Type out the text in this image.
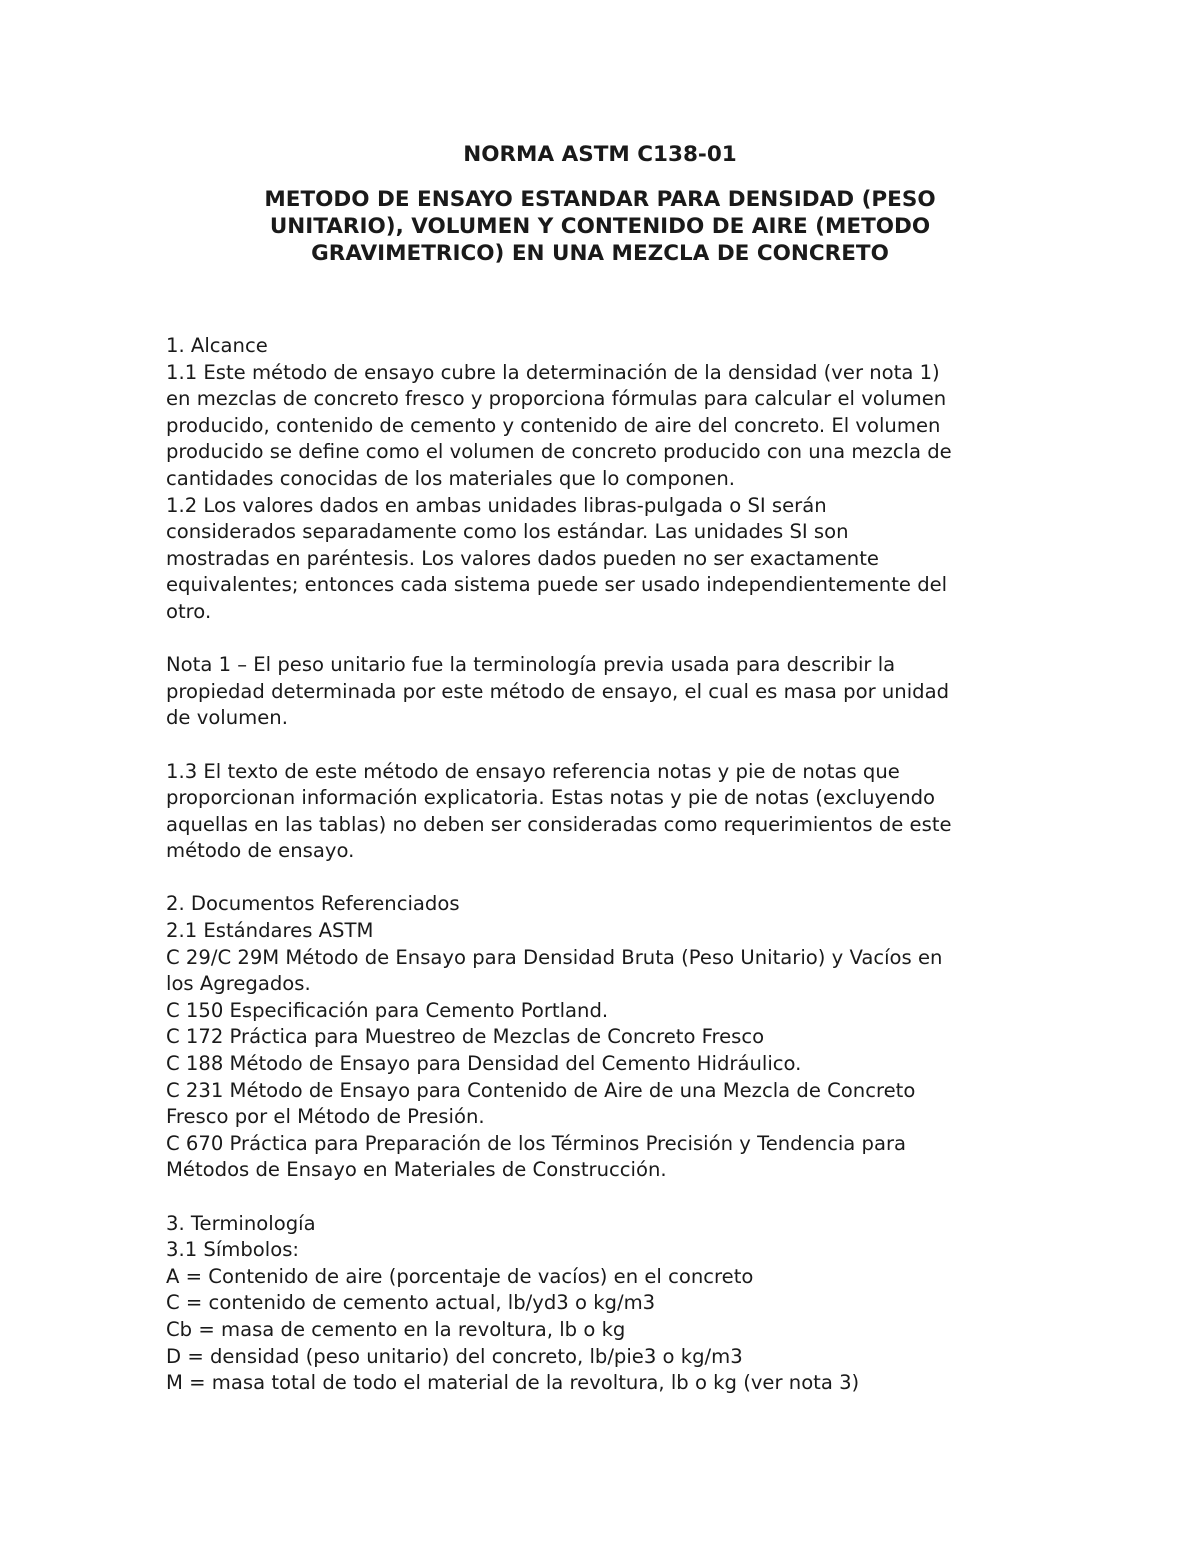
NORMA ASTM C138-01
METODO DE ENSAYO ESTANDAR PARA DENSIDAD (PESO
UNITARIO), VOLUMEN Y CONTENIDO DE AIRE (METODO
GRAVIMETRICO) EN UNA MEZCLA DE CONCRETO
1. Alcance
1.1 Este método de ensayo cubre la determinación de la densidad (ver nota 1)
en mezclas de concreto fresco y proporciona fórmulas para calcular el volumen
producido, contenido de cemento y contenido de aire del concreto. El volumen
producido se define como el volumen de concreto producido con una mezcla de
cantidades conocidas de los materiales que lo componen.
1.2 Los valores dados en ambas unidades libras-pulgada o SI serán
considerados separadamente como los estándar. Las unidades SI son
mostradas en paréntesis. Los valores dados pueden no ser exactamente
equivalentes; entonces cada sistema puede ser usado independientemente del
otro.
Nota 1 – El peso unitario fue la terminología previa usada para describir la
propiedad determinada por este método de ensayo, el cual es masa por unidad
de volumen.
1.3 El texto de este método de ensayo referencia notas y pie de notas que
proporcionan información explicatoria. Estas notas y pie de notas (excluyendo
aquellas en las tablas) no deben ser consideradas como requerimientos de este
método de ensayo.
2. Documentos Referenciados
2.1 Estándares ASTM
C 29/C 29M Método de Ensayo para Densidad Bruta (Peso Unitario) y Vacíos en
los Agregados.
C 150 Especificación para Cemento Portland.
C 172 Práctica para Muestreo de Mezclas de Concreto Fresco
C 188 Método de Ensayo para Densidad del Cemento Hidráulico.
C 231 Método de Ensayo para Contenido de Aire de una Mezcla de Concreto
Fresco por el Método de Presión.
C 670 Práctica para Preparación de los Términos Precisión y Tendencia para
Métodos de Ensayo en Materiales de Construcción.
3. Terminología
3.1 Símbolos:
A = Contenido de aire (porcentaje de vacíos) en el concreto
C = contenido de cemento actual, lb/yd3 o kg/m3
Cb = masa de cemento en la revoltura, lb o kg
D = densidad (peso unitario) del concreto, lb/pie3 o kg/m3
M = masa total de todo el material de la revoltura, lb o kg (ver nota 3)
